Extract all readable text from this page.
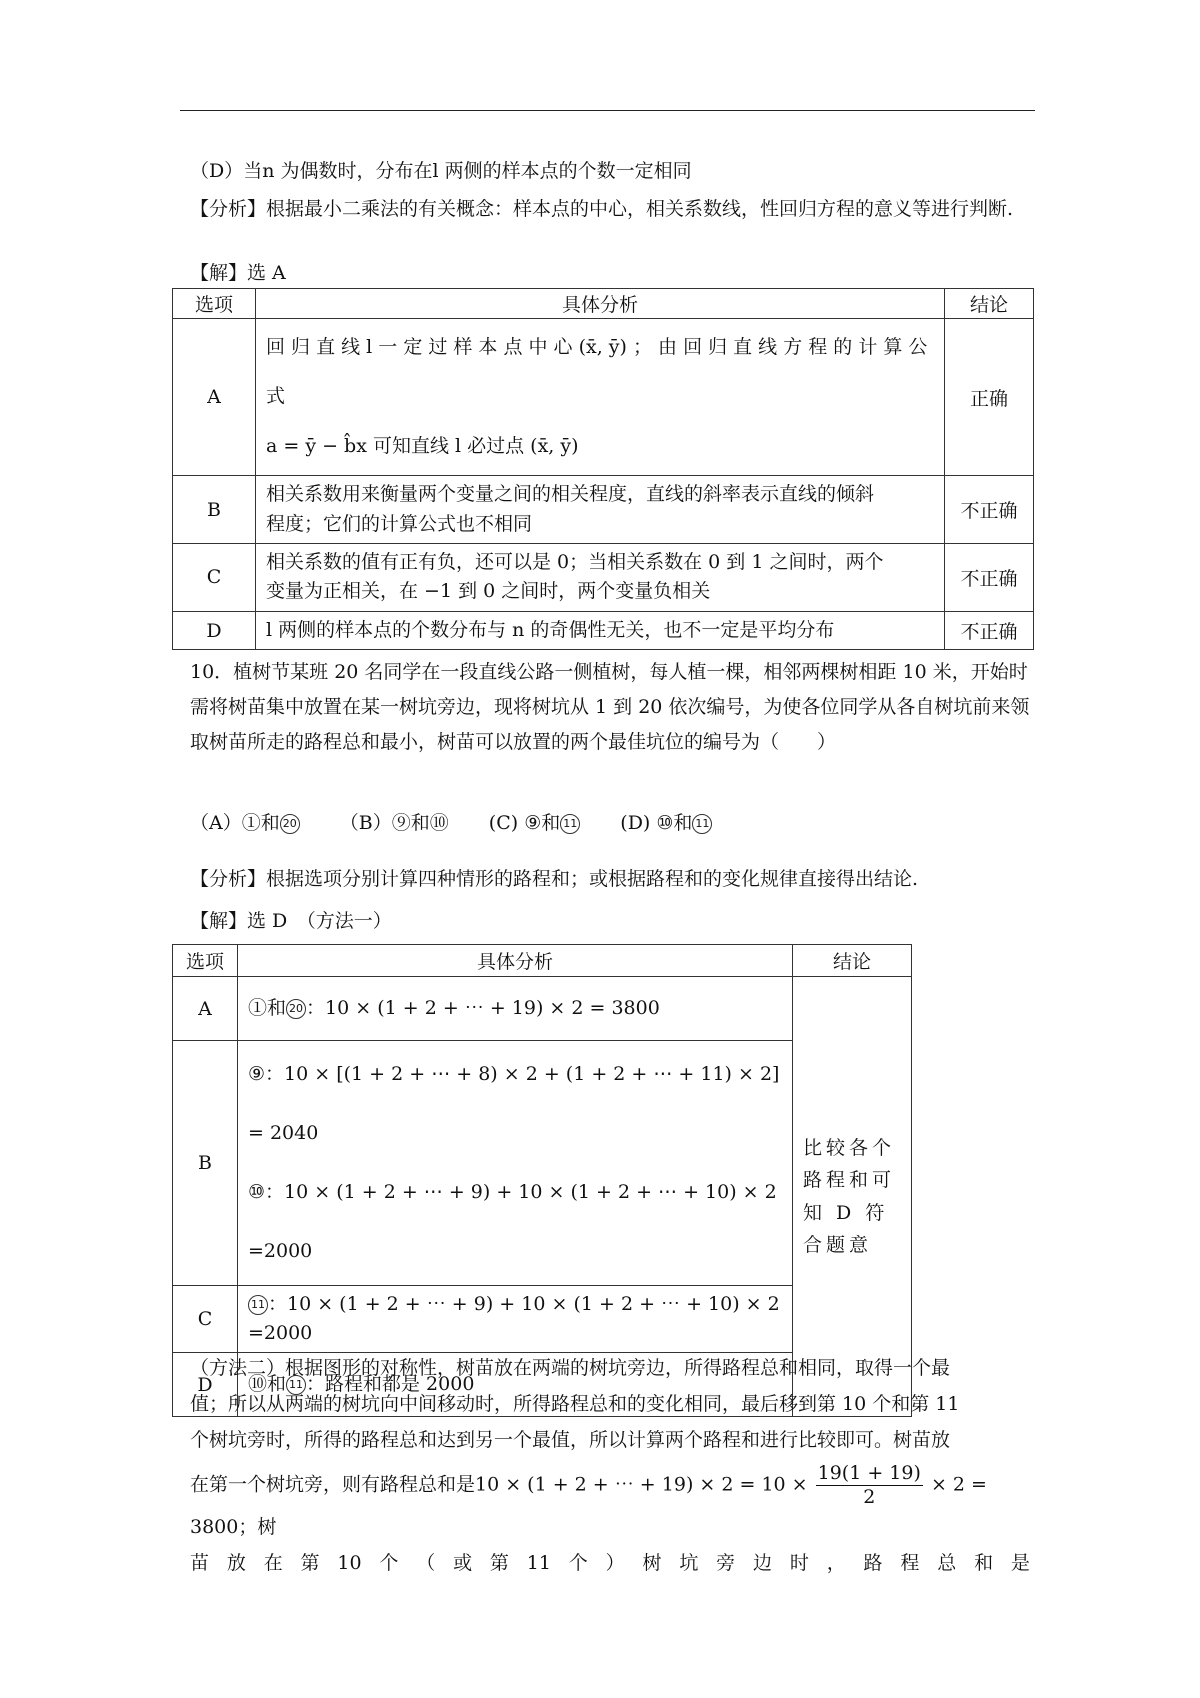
（D）当n 为偶数时，分布在l 两侧的样本点的个数一定相同
【分析】根据最小二乘法的有关概念：样本点的中心，相关系数线，性回归方程的意义等进行判断.
【解】选 A
选项	具体分析	结论
A	回 归 直 线 l 一 定 过 样 本 点 中 心 (x̄, ȳ) ； 由 回 归 直 线 方 程 的 计 算 公 式
a = ȳ − b̂x 可知直线 l 必过点 (x̄, ȳ)	正确
B	相关系数用来衡量两个变量之间的相关程度，直线的斜率表示直线的倾斜
程度；它们的计算公式也不相同	不正确
C	相关系数的值有正有负，还可以是 0；当相关系数在 0 到 1 之间时，两个
变量为正相关，在 −1 到 0 之间时，两个变量负相关	不正确
D	l 两侧的样本点的个数分布与 n 的奇偶性无关，也不一定是平均分布	不正确
10．植树节某班 20 名同学在一段直线公路一侧植树，每人植一棵，相邻两棵树相距 10 米，开始时需将树苗集中放置在某一树坑旁边，现将树坑从 1 到 20 依次编号，为使各位同学从各自树坑前来领取树苗所走的路程总和最小，树苗可以放置的两个最佳坑位的编号为（　　）
（A）①和 20 （B）⑨和⑩ (C) ⑨和 11 (D) ⑩和 11
【分析】根据选项分别计算四种情形的路程和；或根据路程和的变化规律直接得出结论.
【解】选 D　（方法一）
选项	具体分析	结论
A	①和 20 ：10 × (1 + 2 + ⋯ + 19) × 2 = 3800	比较各个路程和可知 D 符合题意
B	⑨：10 × [(1 + 2 + ⋯ + 8) × 2 + (1 + 2 + ⋯ + 11) × 2] = 2040
⑩：10 × (1 + 2 + ⋯ + 9) + 10 × (1 + 2 + ⋯ + 10) × 2 =2000	

C	11 ：10 × (1 + 2 + ⋯ + 9) + 10 × (1 + 2 + ⋯ + 10) × 2 =2000	
D	⑩和 11 ：路程和都是 2000	
（方法二）根据图形的对称性，树苗放在两端的树坑旁边，所得路程总和相同，取得一个最
值；所以从两端的树坑向中间移动时，所得路程总和的变化相同，最后移到第 10 个和第 11
个树坑旁时，所得的路程总和达到另一个最值，所以计算两个路程和进行比较即可。树苗放
在第一个树坑旁，则有路程总和是10 × (1 + 2 + ⋯ + $19) \times 2 = 10 \times \frac{19(1 + 19)}{2} \times 2 = 3800$；树
苗 放 在 第 10 个 （ 或 第 11 个 ） 树 坑 旁 边 时 ， 路 程 总 和 是
